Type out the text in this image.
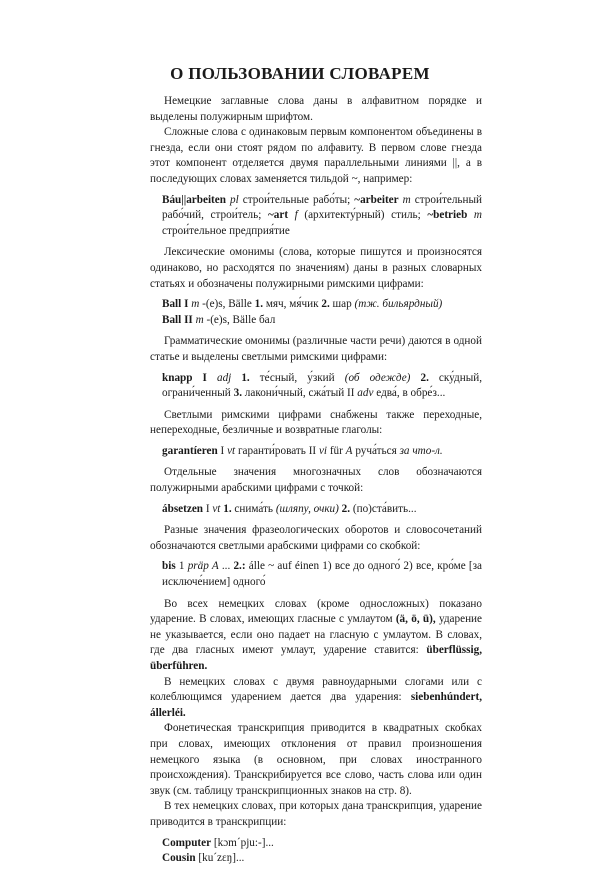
О ПОЛЬЗОВАНИИ СЛОВАРЕМ

Немецкие заглавные слова даны в алфавитном порядке и выделены полужирным шрифтом.

Сложные слова с одинаковым первым компонентом объединены в гнезда, если они стоят рядом по алфавиту. В первом слове гнезда этот компонент отделяется двумя параллельными линиями ||, а в последующих словах заменяется тильдой ~, например:

Báu||arbeiten pl строи́тельные рабо́ты; ~arbeiter m строи́тельный рабо́чий, строи́тель; ~art f (архитекту́рный) стиль; ~betrieb m строи́тельное предприя́тие

Лексические омонимы (слова, которые пишутся и произносятся одинаково, но расходятся по значениям) даны в разных словарных статьях и обозначены полужирными римскими цифрами:

Ball I m -(e)s, Bälle 1. мяч, мя́чик 2. шар (тж. бильярдный)

Ball II m -(e)s, Bälle бал

Грамматические омонимы (различные части речи) даются в одной статье и выделены светлыми римскими цифрами:

knapp I adj 1. те́сный, у́зкий (об одежде) 2. ску́дный, ограни́ченный 3. лакони́чный, сжа́тый II adv едва́, в обре́з...

Светлыми римскими цифрами снабжены также переходные, непереходные, безличные и возвратные глаголы:

garantíeren I vt гаранти́ровать II vi für A руча́ться за что-л.

Отдельные значения многозначных слов обозначаются полужирными арабскими цифрами с точкой:

ábsetzen I vt 1. снима́ть (шляпу, очки) 2. (по)ста́вить...

Разные значения фразеологических оборотов и словосочетаний обозначаются светлыми арабскими цифрами со скобкой:

bis 1 präp A ... 2.: álle ~ auf éinen 1) все до одного́ 2) все, кро́ме [за исключе́нием] одного́

Во всех немецких словах (кроме односложных) показано ударение. В словах, имеющих гласные с умлаутом (ä, ö, ü), ударение не указывается, если оно падает на гласную с умлаутом. В словах, где два гласных имеют умлаут, ударение ставится: überflüssig, überführen.

В немецких словах с двумя равноударными слогами или с колеблющимся ударением дается два ударения: siebenhúndert, állerléi.

Фонетическая транскрипция приводится в квадратных скобках при словах, имеющих отклонения от правил произношения немецкого языка (в основном, при словах иностранного происхождения). Транскрибируется все слово, часть слова или один звук (см. таблицу транскрипционных знаков на стр. 8).

В тех немецких словах, при которых дана транскрипция, ударение приводится в транскрипции:

Computer [kɔmˊpju:-]...

Cousin [kuˊzɛŋ]...
